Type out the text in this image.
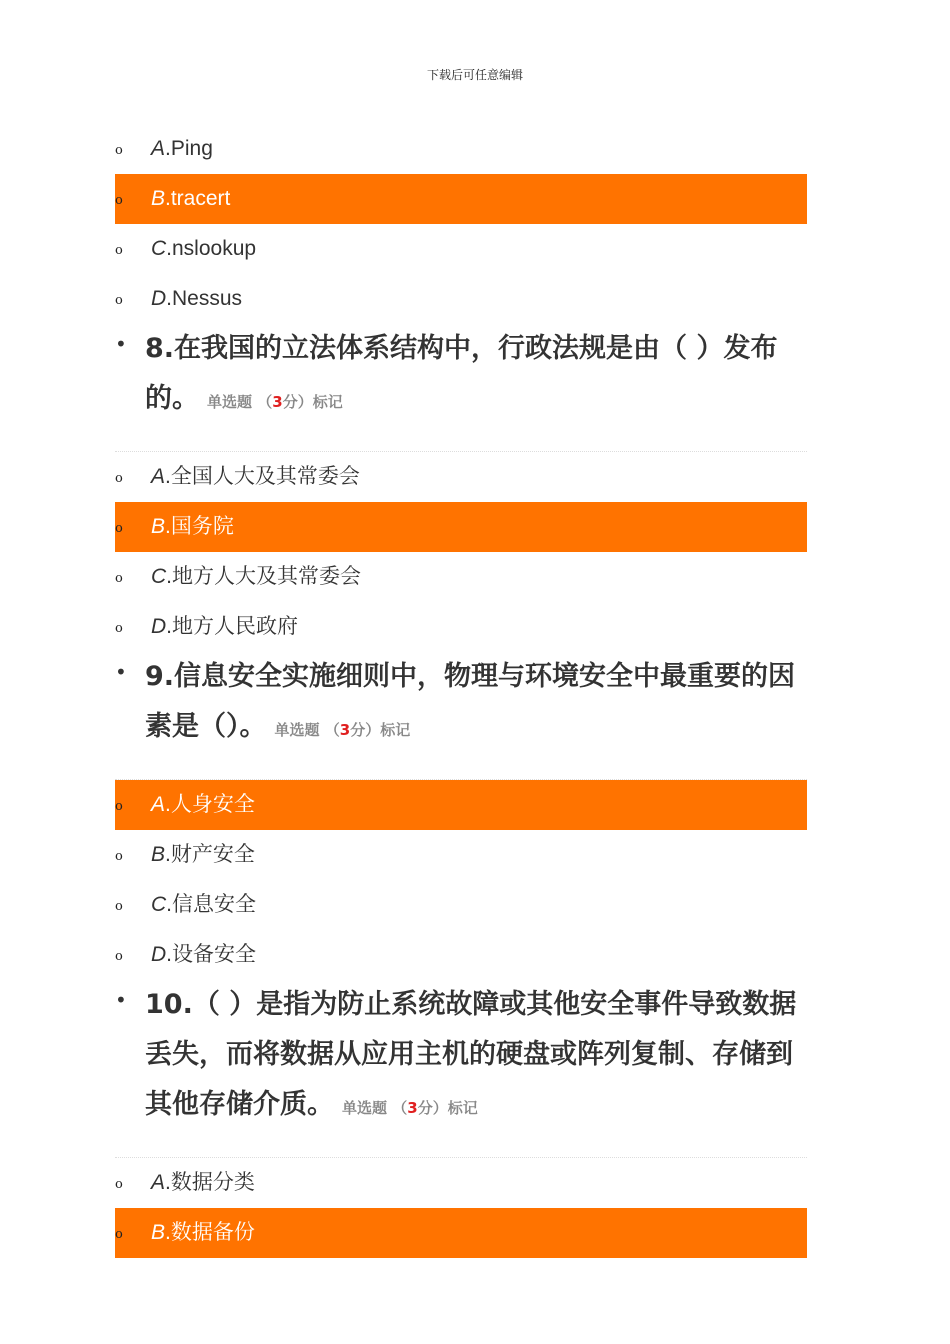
下载后可任意编辑
o A.Ping
o B.tracert
o C.nslookup
o D.Nessus
• 8.在我国的立法体系结构中，行政法规是由（ ）发布的。 单选题 （3分）标记
o A.全国人大及其常委会
o B.国务院
o C.地方人大及其常委会
o D.地方人民政府
• 9.信息安全实施细则中，物理与环境安全中最重要的因素是（）。 单选题 （3分）标记
o A.人身安全
o B.财产安全
o C.信息安全
o D.设备安全
• 10.（ ）是指为防止系统故障或其他安全事件导致数据丢失，而将数据从应用主机的硬盘或阵列复制、存储到其他存储介质。 单选题 （3分）标记
o A.数据分类
o B.数据备份
